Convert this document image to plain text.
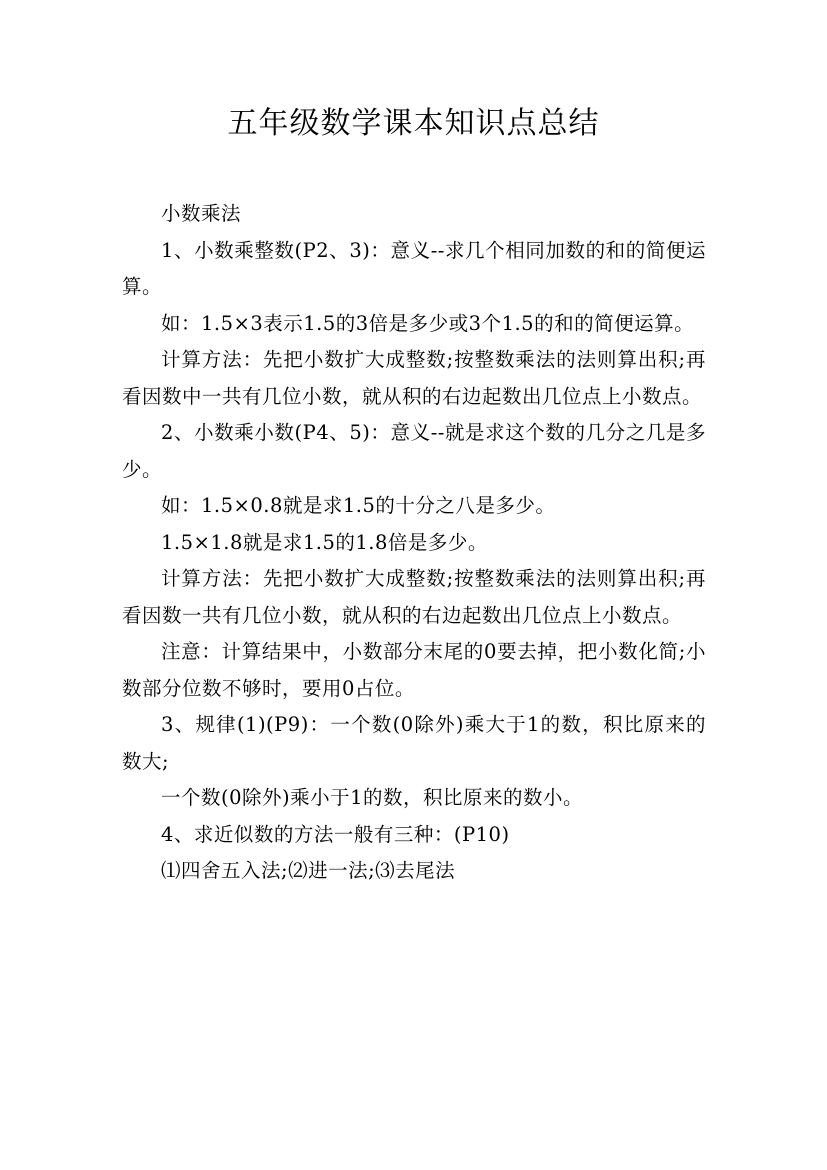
五年级数学课本知识点总结

小数乘法

1、小数乘整数(P2、3)：意义--求几个相同加数的和的简便运算。

如：1.5×3表示1.5的3倍是多少或3个1.5的和的简便运算。

计算方法：先把小数扩大成整数;按整数乘法的法则算出积;再看因数中一共有几位小数，就从积的右边起数出几位点上小数点。

2、小数乘小数(P4、5)：意义--就是求这个数的几分之几是多少。

如：1.5×0.8就是求1.5的十分之八是多少。

1.5×1.8就是求1.5的1.8倍是多少。

计算方法：先把小数扩大成整数;按整数乘法的法则算出积;再看因数一共有几位小数，就从积的右边起数出几位点上小数点。

注意：计算结果中，小数部分末尾的0要去掉，把小数化简;小数部分位数不够时，要用0占位。

3、规律(1)(P9)：一个数(0除外)乘大于1的数，积比原来的数大;

一个数(0除外)乘小于1的数，积比原来的数小。

4、求近似数的方法一般有三种：(P10)

⑴四舍五入法;⑵进一法;⑶去尾法
